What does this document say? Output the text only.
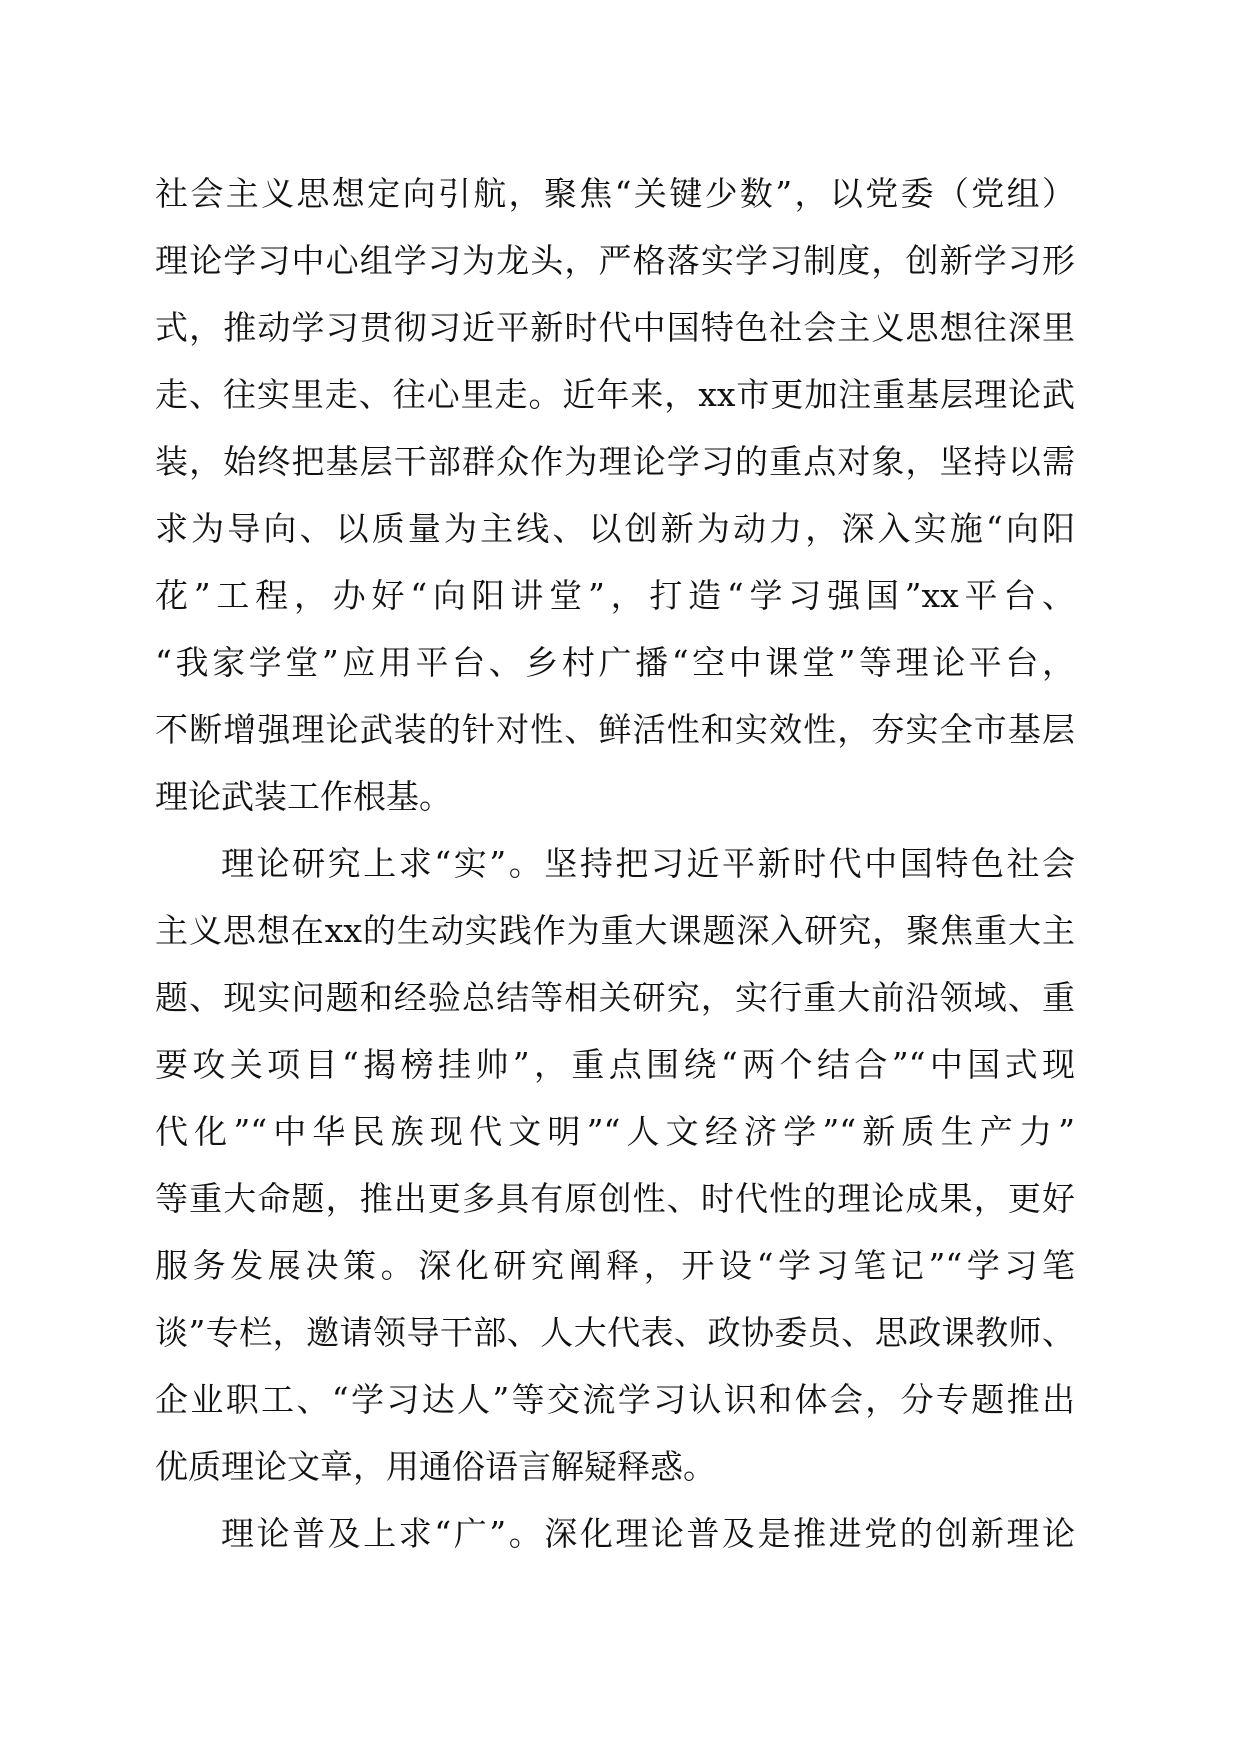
社会主义思想定向引航，聚焦“关键少数”，以党委（党组）
理论学习中心组学习为龙头，严格落实学习制度，创新学习形
式，推动学习贯彻习近平新时代中国特色社会主义思想往深里
走、往实里走、往心里走。近年来，xx市更加注重基层理论武
装，始终把基层干部群众作为理论学习的重点对象，坚持以需
求为导向、以质量为主线、以创新为动力，深入实施“向阳
花”工程，办好“向阳讲堂”，打造“学习强国”xx平台、
“我家学堂”应用平台、乡村广播“空中课堂”等理论平台，
不断增强理论武装的针对性、鲜活性和实效性，夯实全市基层
理论武装工作根基。
理论研究上求“实”。坚持把习近平新时代中国特色社会
主义思想在xx的生动实践作为重大课题深入研究，聚焦重大主
题、现实问题和经验总结等相关研究，实行重大前沿领域、重
要攻关项目“揭榜挂帅”，重点围绕“两个结合”“中国式现
代化”“中华民族现代文明”“人文经济学”“新质生产力”
等重大命题，推出更多具有原创性、时代性的理论成果，更好
服务发展决策。深化研究阐释，开设“学习笔记”“学习笔
谈”专栏，邀请领导干部、人大代表、政协委员、思政课教师、
企业职工、“学习达人”等交流学习认识和体会，分专题推出
优质理论文章，用通俗语言解疑释惑。
理论普及上求“广”。深化理论普及是推进党的创新理论
